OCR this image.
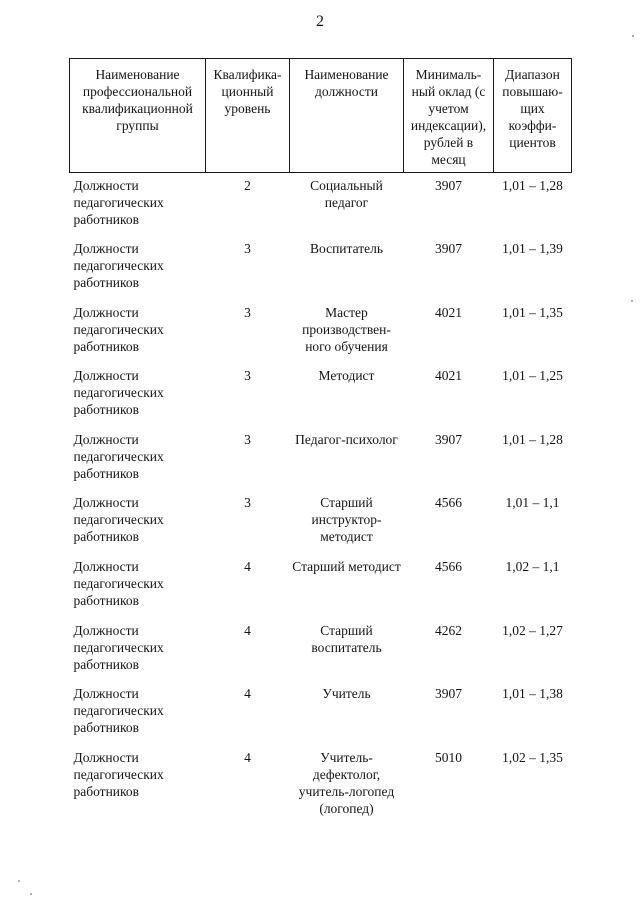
2
Наименование профессиональной квалификационной группы	Квалифика-ционный уровень	Наименование должности	Минималь-ный оклад (с учетом индексации), рублей в месяц	Диапазон повышаю-щих коэффи-циентов
Должности педагогических работников	2	Социальный педагог	3907	1,01 – 1,28
Должности педагогических работников	3	Воспитатель	3907	1,01 – 1,39
Должности педагогических работников	3	Мастер производствен-ного обучения	4021	1,01 – 1,35
Должности педагогических работников	3	Методист	4021	1,01 – 1,25
Должности педагогических работников	3	Педагог-психолог	3907	1,01 – 1,28
Должности педагогических работников	3	Старший инструктор-методист	4566	1,01 – 1,1
Должности педагогических работников	4	Старший методист	4566	1,02 – 1,1
Должности педагогических работников	4	Старший воспитатель	4262	1,02 – 1,27
Должности педагогических работников	4	Учитель	3907	1,01 – 1,38
Должности педагогических работников	4	Учитель-дефектолог, учитель-логопед (логопед)	5010	1,02 – 1,35
